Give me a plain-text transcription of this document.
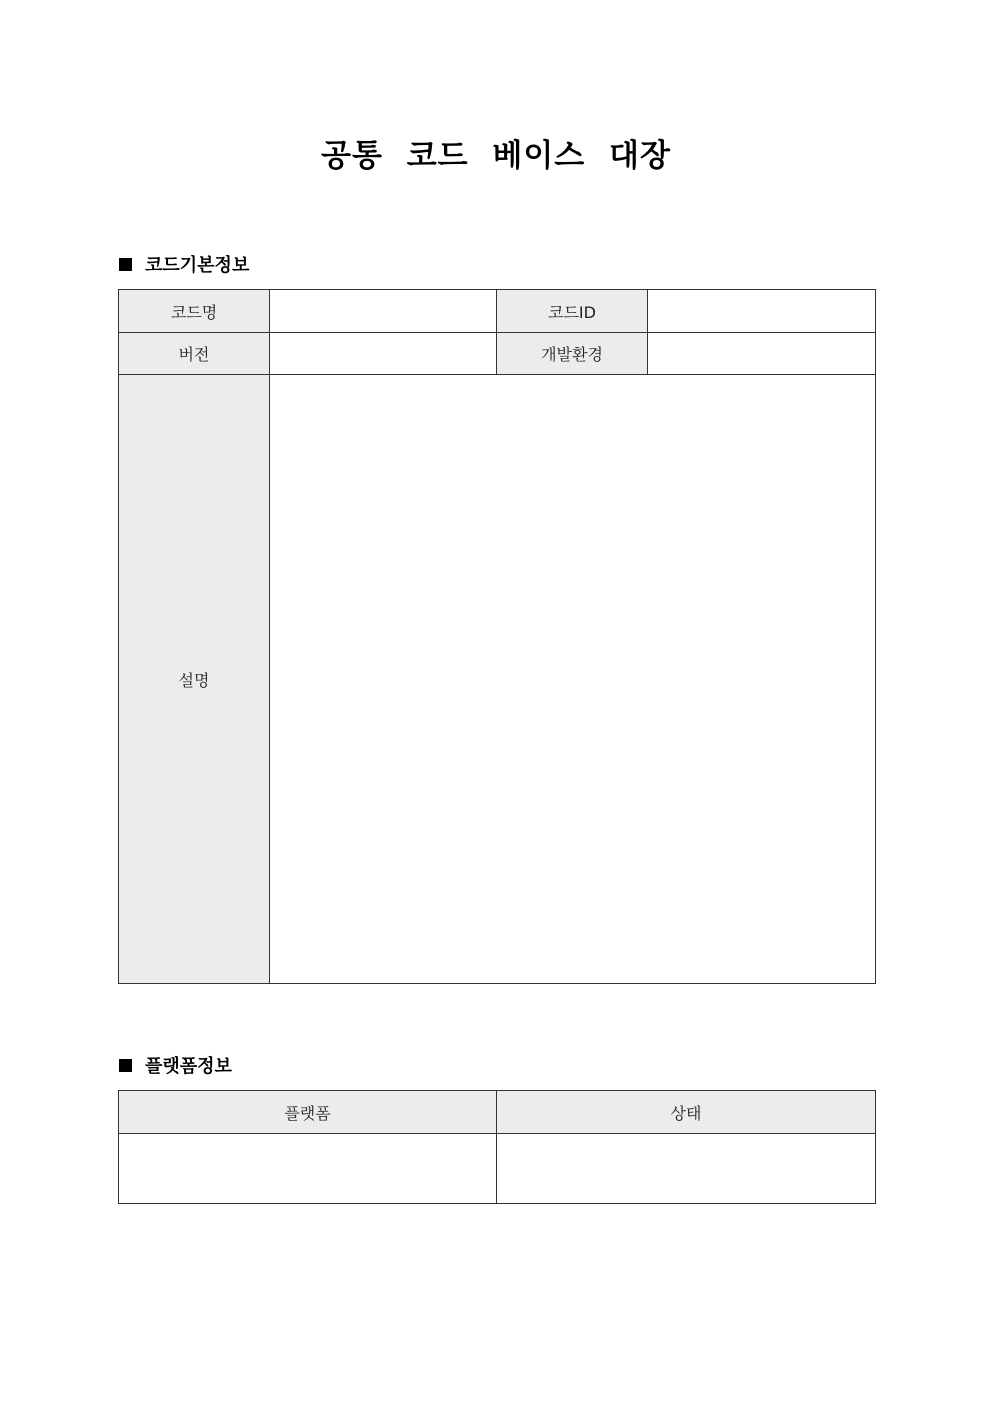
공통 코드 베이스 대장
코드기본정보
코드명		코드ID	
버전		개발환경	
설명			
플랫폼정보
플랫폼	상태
